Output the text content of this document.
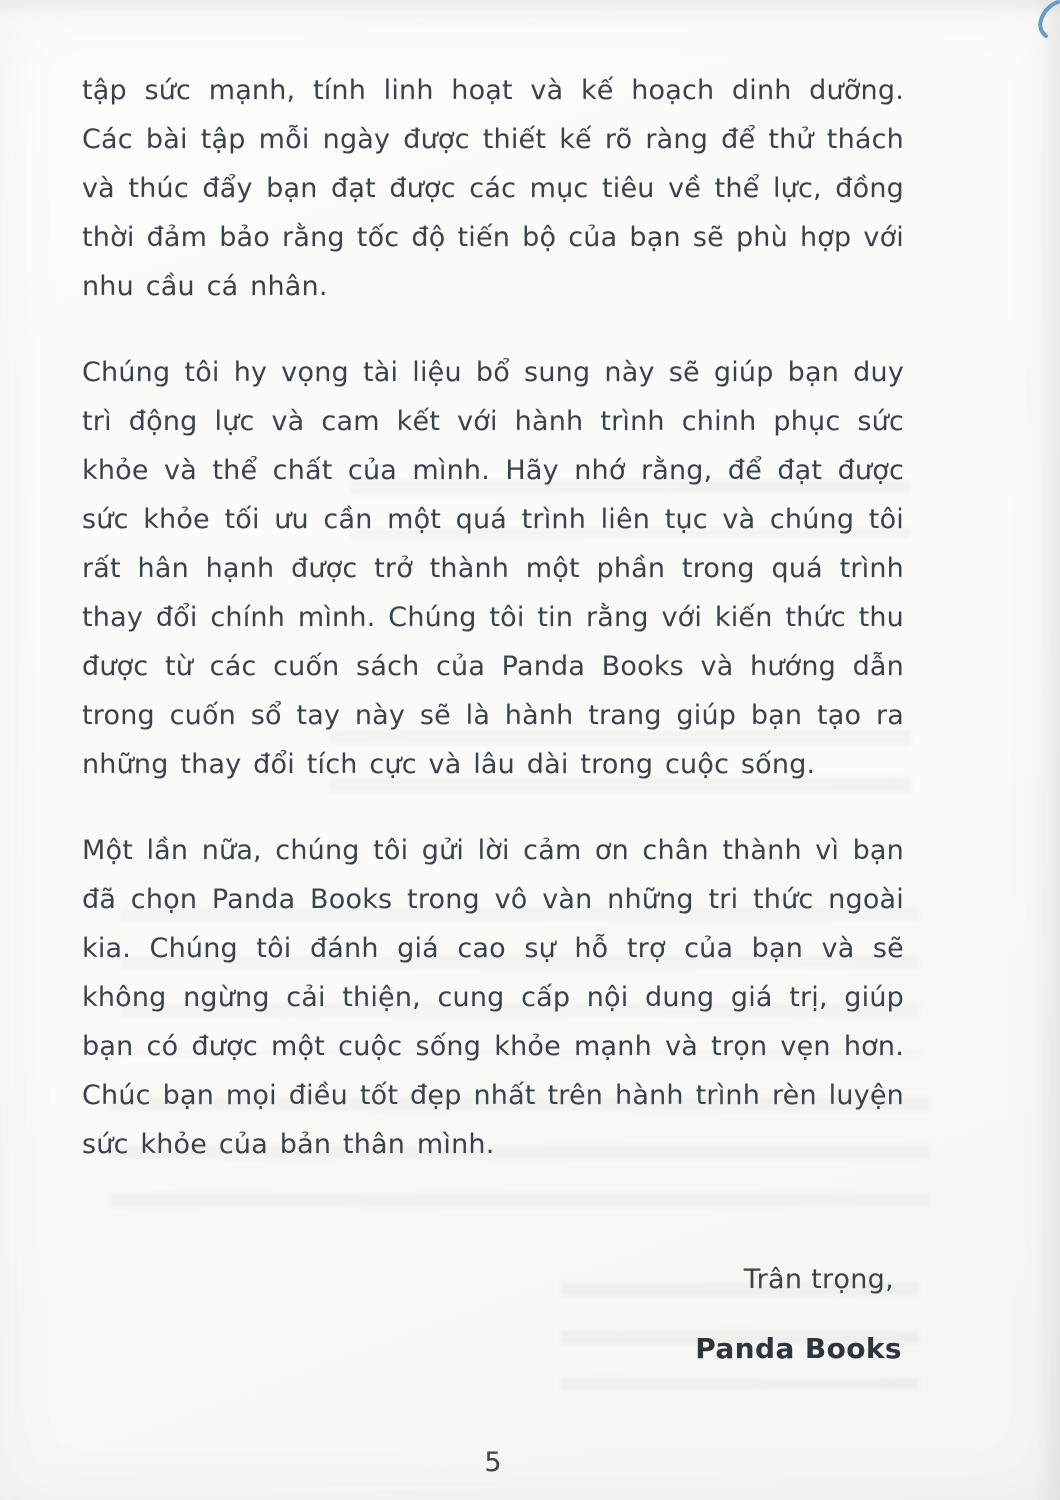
tập sức mạnh, tính linh hoạt và kế hoạch dinh dưỡng. Các bài tập mỗi ngày được thiết kế rõ ràng để thử thách và thúc đẩy bạn đạt được các mục tiêu về thể lực, đồng thời đảm bảo rằng tốc độ tiến bộ của bạn sẽ phù hợp với nhu cầu cá nhân.

Chúng tôi hy vọng tài liệu bổ sung này sẽ giúp bạn duy trì động lực và cam kết với hành trình chinh phục sức khỏe và thể chất của mình. Hãy nhớ rằng, để đạt được sức khỏe tối ưu cần một quá trình liên tục và chúng tôi rất hân hạnh được trở thành một phần trong quá trình thay đổi chính mình. Chúng tôi tin rằng với kiến thức thu được từ các cuốn sách của Panda Books và hướng dẫn trong cuốn sổ tay này sẽ là hành trang giúp bạn tạo ra những thay đổi tích cực và lâu dài trong cuộc sống.

Một lần nữa, chúng tôi gửi lời cảm ơn chân thành vì bạn đã chọn Panda Books trong vô vàn những tri thức ngoài kia. Chúng tôi đánh giá cao sự hỗ trợ của bạn và sẽ không ngừng cải thiện, cung cấp nội dung giá trị, giúp bạn có được một cuộc sống khỏe mạnh và trọn vẹn hơn. Chúc bạn mọi điều tốt đẹp nhất trên hành trình rèn luyện sức khỏe của bản thân mình.

Trân trọng,

Panda Books

5
